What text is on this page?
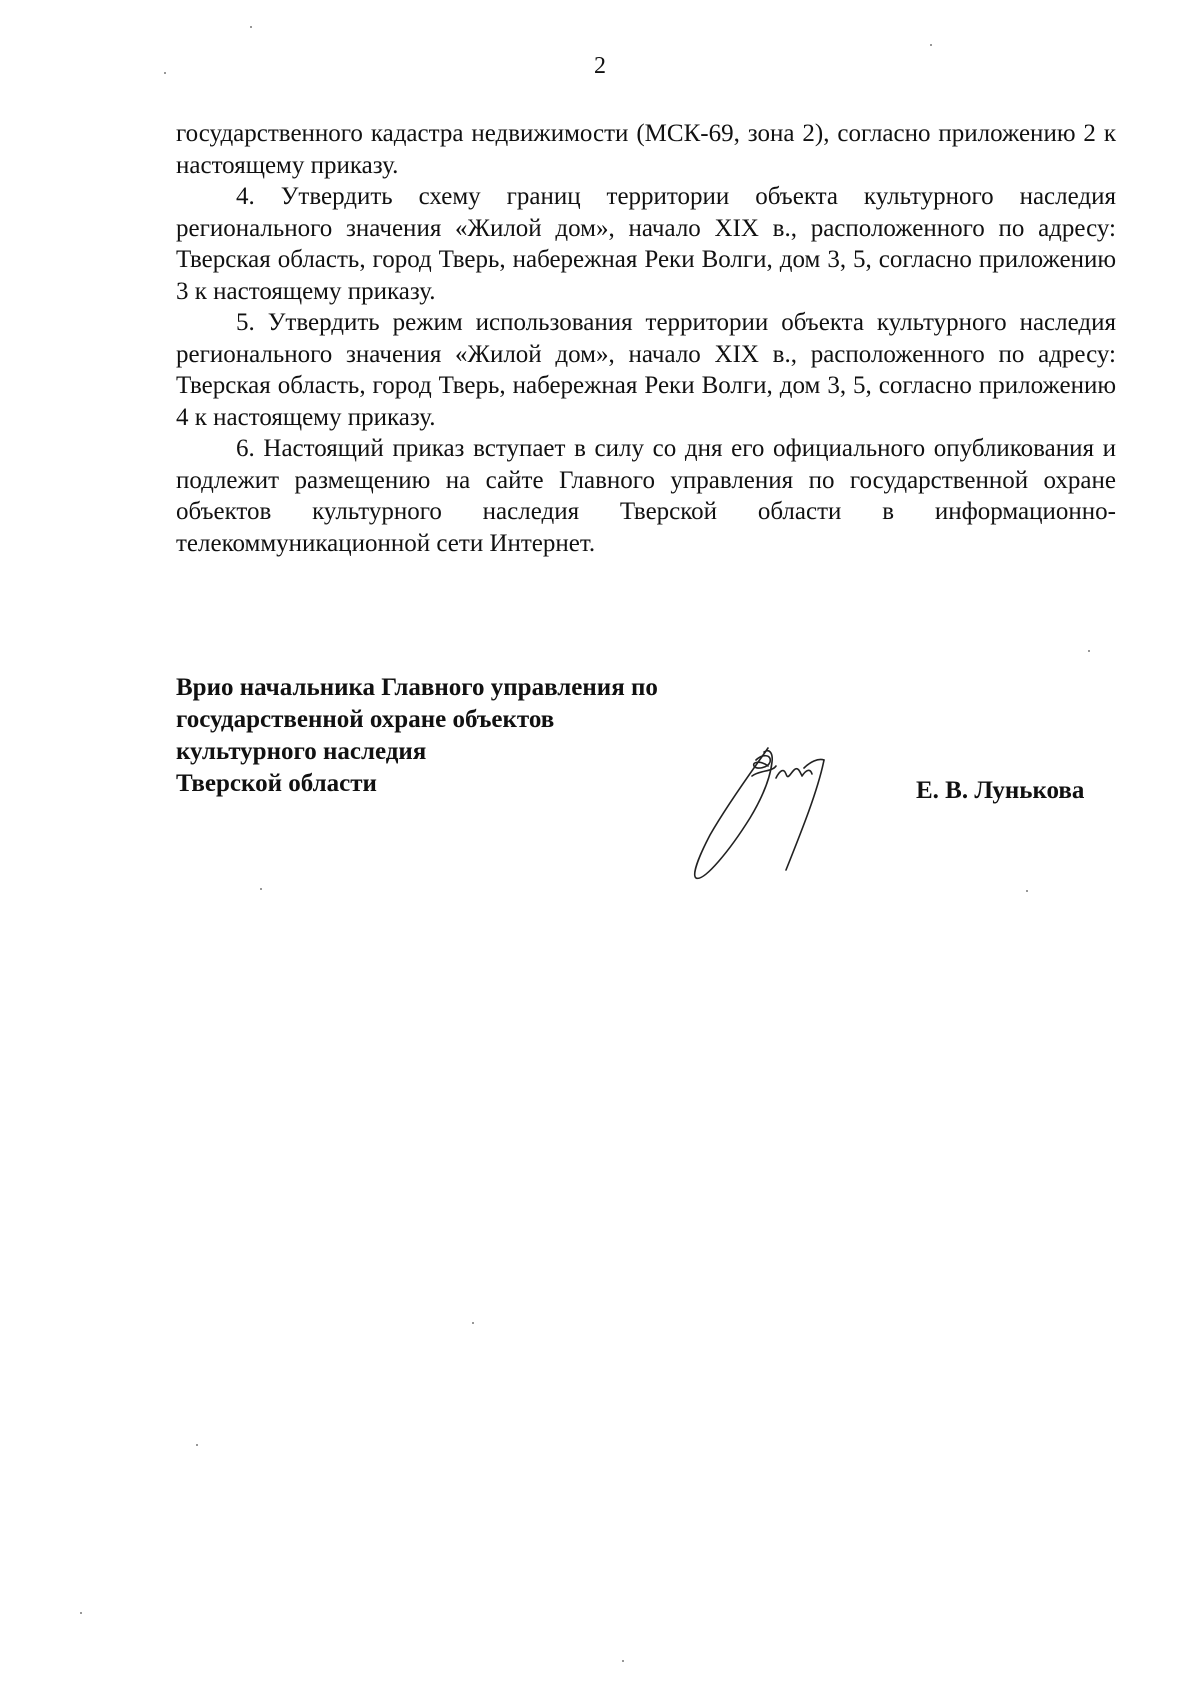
2

государственного кадастра недвижимости (МСК-69, зона 2), согласно приложению 2 к настоящему приказу.

4. Утвердить схему границ территории объекта культурного наследия регионального значения «Жилой дом», начало XIX в., расположенного по адресу: Тверская область, город Тверь, набережная Реки Волги, дом 3, 5, согласно приложению 3 к настоящему приказу.

5. Утвердить режим использования территории объекта культурного наследия регионального значения «Жилой дом», начало XIX в., расположенного по адресу: Тверская область, город Тверь, набережная Реки Волги, дом 3, 5, согласно приложению 4 к настоящему приказу.

6. Настоящий приказ вступает в силу со дня его официального опубликования и подлежит размещению на сайте Главного управления по государственной охране объектов культурного наследия Тверской области в информационно-телекоммуникационной сети Интернет.

Врио начальника Главного управления по
государственной охране объектов
культурного наследия
Тверской области	Е. В. Лунькова
